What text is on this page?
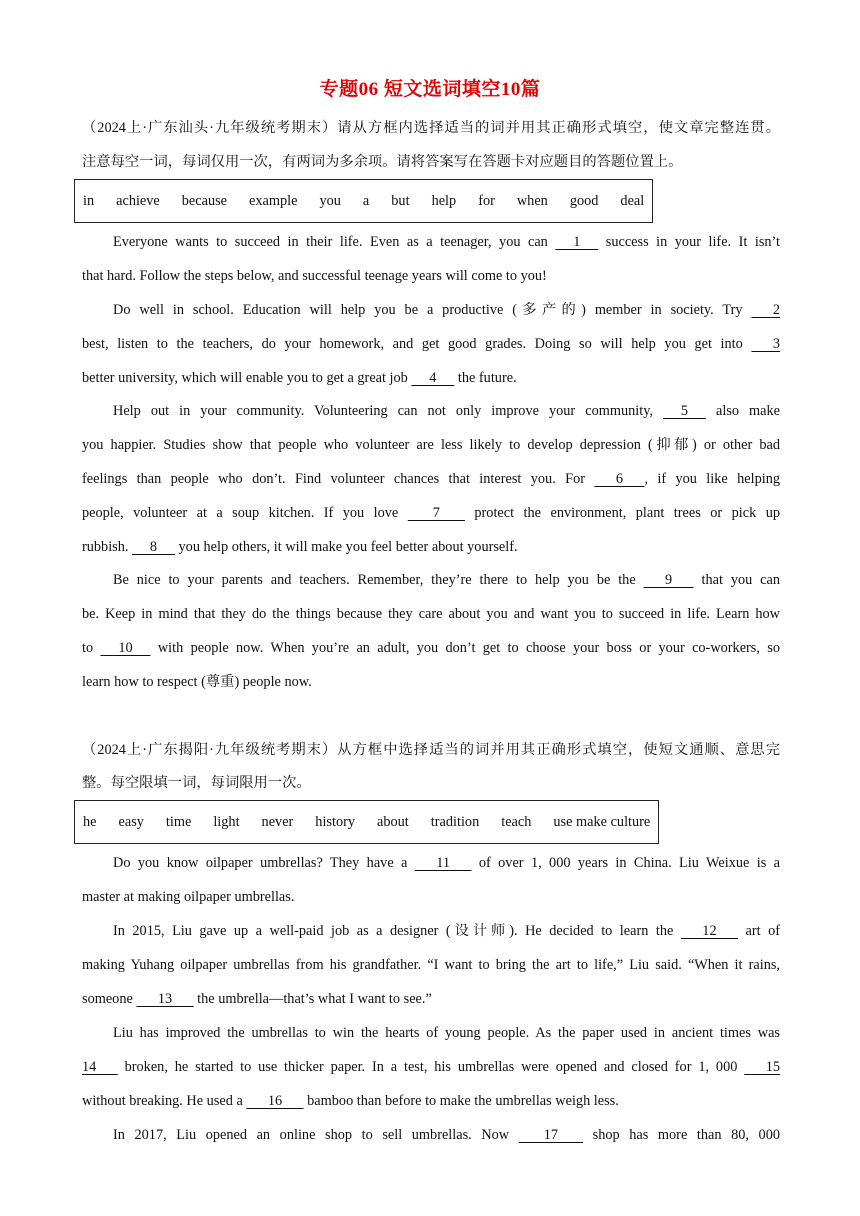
专题06 短文选词填空10篇
（2024上·广东汕头·九年级统考期末）请从方框内选择适当的词并用其正确形式填空，使文章完整连贯。
注意每空一词，每词仅用一次，有两词为多余项。请将答案写在答题卡对应题目的答题位置上。
in achieve because example you a but help for when good deal
Everyone wants to succeed in their life. Even as a teenager, you can      1      success in your life. It isn’t
that hard. Follow the steps below, and successful teenage years will come to you!
Do well in school. Education will help you be a productive (多产的) member in society. Try       2
best, listen to the teachers, do your homework, and get good grades. Doing so will help you get into       3
better university, which will enable you to get a great job      4      the future.
Help out in your community. Volunteering can not only improve your community,      5      also make
you happier. Studies show that people who volunteer are less likely to develop depression (抑郁) or other bad
feelings than people who don’t. Find volunteer chances that interest you. For       6      , if you like helping
people, volunteer at a soup kitchen. If you love        7        protect the environment, plant trees or pick up
rubbish.      8      you help others, it will make you feel better about yourself.
Be nice to your parents and teachers. Remember, they’re there to help you be the       9       that you can
be. Keep in mind that they do the things because they care about you and want you to succeed in life. Learn how
to      10      with people now. When you’re an adult, you don’t get to choose your boss or your co-workers, so
learn how to respect (尊重) people now.
（2024上·广东揭阳·九年级统考期末）从方框中选择适当的词并用其正确形式填空，使短文通顺、意思完
整。每空限填一词，每词限用一次。
he easy time light never history about tradition teach use make culture
Do you know oilpaper umbrellas? They have a       11       of over 1, 000 years in China. Liu Weixue is a
master at making oilpaper umbrellas.
In 2015, Liu gave up a well-paid job as a designer (设计师). He decided to learn the       12       art of
making Yuhang oilpaper umbrellas from his grandfather. “I want to bring the art to life,” Liu said. “When it rains,
someone       13       the umbrella—that’s what I want to see.”
Liu has improved the umbrellas to win the hearts of young people. As the paper used in ancient times was
14       broken, he started to use thicker paper. In a test, his umbrellas were opened and closed for 1, 000       15
without breaking. He used a       16       bamboo than before to make the umbrellas weigh less.
In 2017, Liu opened an online shop to sell umbrellas. Now        17        shop has more than 80, 000
